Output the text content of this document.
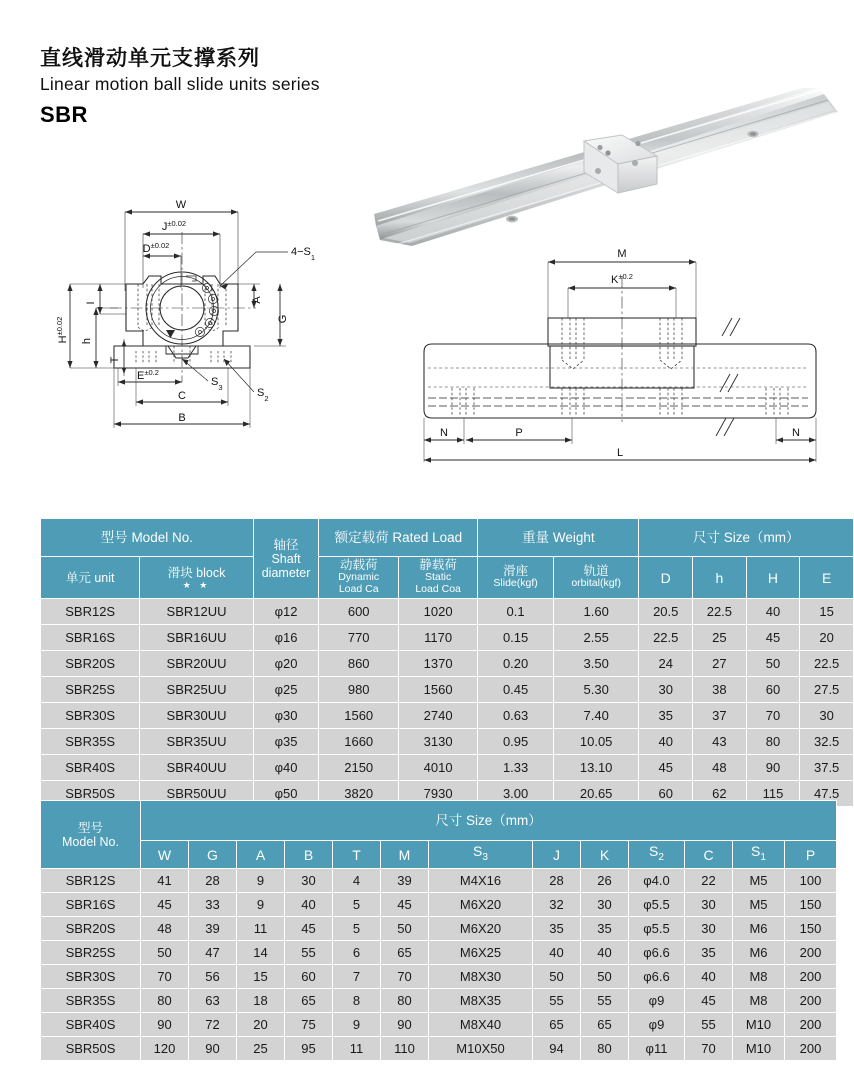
直线滑动单元支撑系列
Linear motion ball slide units series
SBR
W
$J^{\pm 0.02}$
$D^{\pm 0.02}$
$4-S_1$
$H^{\pm 0.02}$
I
h
T
A
G
$E^{\pm 0.2}$
$S_3$	$S_2$
C
B
M
$K^{\pm 0.2}$
N	P	N
L
型号 Model No.		轴径
Shaft
diameter	额定载荷 Rated Load		重量 Weight		尺寸 Size（mm）			
单元 unit	滑块 block
★ ★		动载荷
Dynamic
Load Ca	静载荷
Static
Load Coa	滑座
Slide(kgf)	轨道
orbital(kgf)	D	h	H	E
SBR12S	SBR12UU	φ12	600	1020	0.1	1.60	20.5	22.5	40	15
SBR16S	SBR16UU	φ16	770	1170	0.15	2.55	22.5	25	45	20
SBR20S	SBR20UU	φ20	860	1370	0.20	3.50	24	27	50	22.5
SBR25S	SBR25UU	φ25	980	1560	0.45	5.30	30	38	60	27.5
SBR30S	SBR30UU	φ30	1560	2740	0.63	7.40	35	37	70	30
SBR35S	SBR35UU	φ35	1660	3130	0.95	10.05	40	43	80	32.5
SBR40S	SBR40UU	φ40	2150	4010	1.33	13.10	45	48	90	37.5
SBR50S	SBR50UU	φ50	3820	7930	3.00	20.65	60	62	115	47.5
型号
Model No.	尺寸 Size（mm）												
	W	G	A	B	T	M	$S_3$	J	K	$S_2$	C	$S_1$	P
SBR12S	41	28	9	30	4	39	M4X16	28	26	φ4.0	22	M5	100
SBR16S	45	33	9	40	5	45	M6X20	32	30	φ5.5	30	M5	150
SBR20S	48	39	11	45	5	50	M6X20	35	35	φ5.5	30	M6	150
SBR25S	50	47	14	55	6	65	M6X25	40	40	φ6.6	35	M6	200
SBR30S	70	56	15	60	7	70	M8X30	50	50	φ6.6	40	M8	200
SBR35S	80	63	18	65	8	80	M8X35	55	55	φ9	45	M8	200
SBR40S	90	72	20	75	9	90	M8X40	65	65	φ9	55	M10	200
SBR50S	120	90	25	95	11	110	M10X50	94	80	φ11	70	M10	200
